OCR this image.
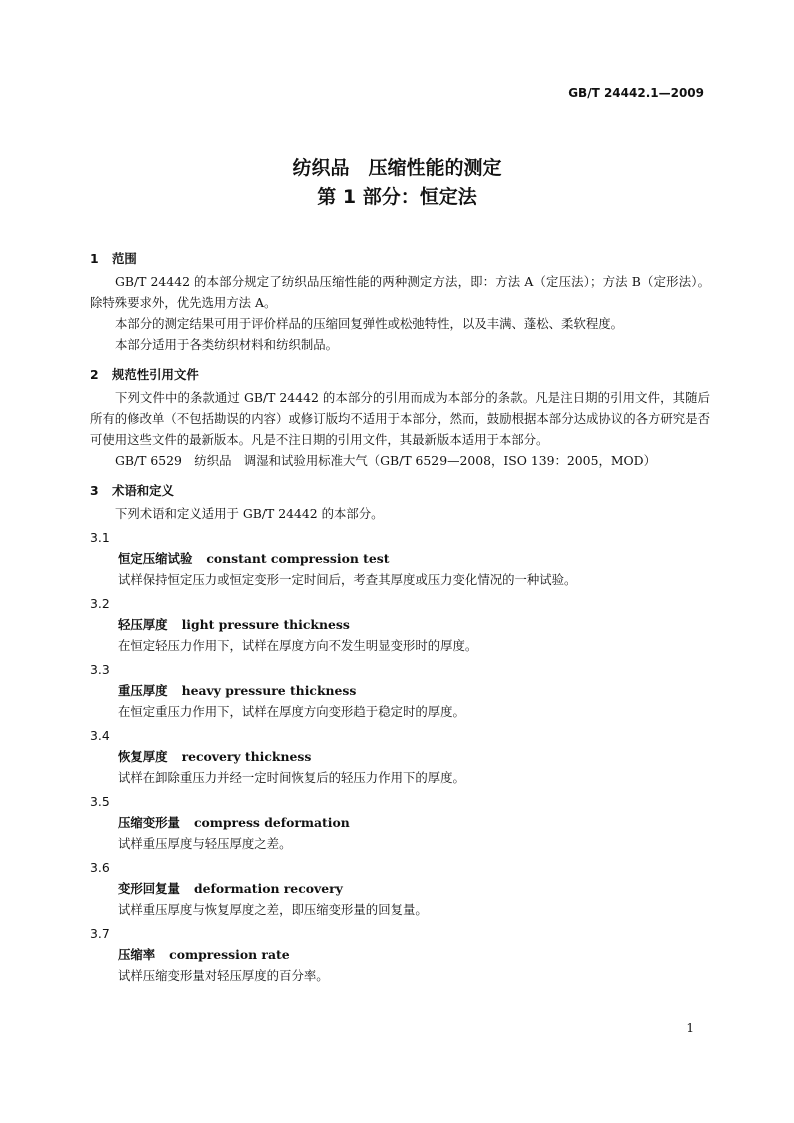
GB/T 24442.1—2009
纺织品　压缩性能的测定
第 1 部分：恒定法
1 范围

GB/T 24442 的本部分规定了纺织品压缩性能的两种测定方法，即：方法 A（定压法）；方法 B（定形法）。除特殊要求外，优先选用方法 A。

本部分的测定结果可用于评价样品的压缩回复弹性或松弛特性，以及丰满、蓬松、柔软程度。

本部分适用于各类纺织材料和纺织制品。

2 规范性引用文件

下列文件中的条款通过 GB/T 24442 的本部分的引用而成为本部分的条款。凡是注日期的引用文件，其随后所有的修改单（不包括勘误的内容）或修订版均不适用于本部分，然而，鼓励根据本部分达成协议的各方研究是否可使用这些文件的最新版本。凡是不注日期的引用文件，其最新版本适用于本部分。

GB/T 6529　纺织品　调湿和试验用标准大气（GB/T 6529—2008，ISO 139：2005，MOD）

3 术语和定义

下列术语和定义适用于 GB/T 24442 的本部分。

3.1
恒定压缩试验 constant compression test
试样保持恒定压力或恒定变形一定时间后，考查其厚度或压力变化情况的一种试验。
3.2
轻压厚度 light pressure thickness
在恒定轻压力作用下，试样在厚度方向不发生明显变形时的厚度。
3.3
重压厚度 heavy pressure thickness
在恒定重压力作用下，试样在厚度方向变形趋于稳定时的厚度。
3.4
恢复厚度 recovery thickness
试样在卸除重压力并经一定时间恢复后的轻压力作用下的厚度。
3.5
压缩变形量 compress deformation
试样重压厚度与轻压厚度之差。
3.6
变形回复量 deformation recovery
试样重压厚度与恢复厚度之差，即压缩变形量的回复量。
3.7
压缩率 compression rate
试样压缩变形量对轻压厚度的百分率。
1
